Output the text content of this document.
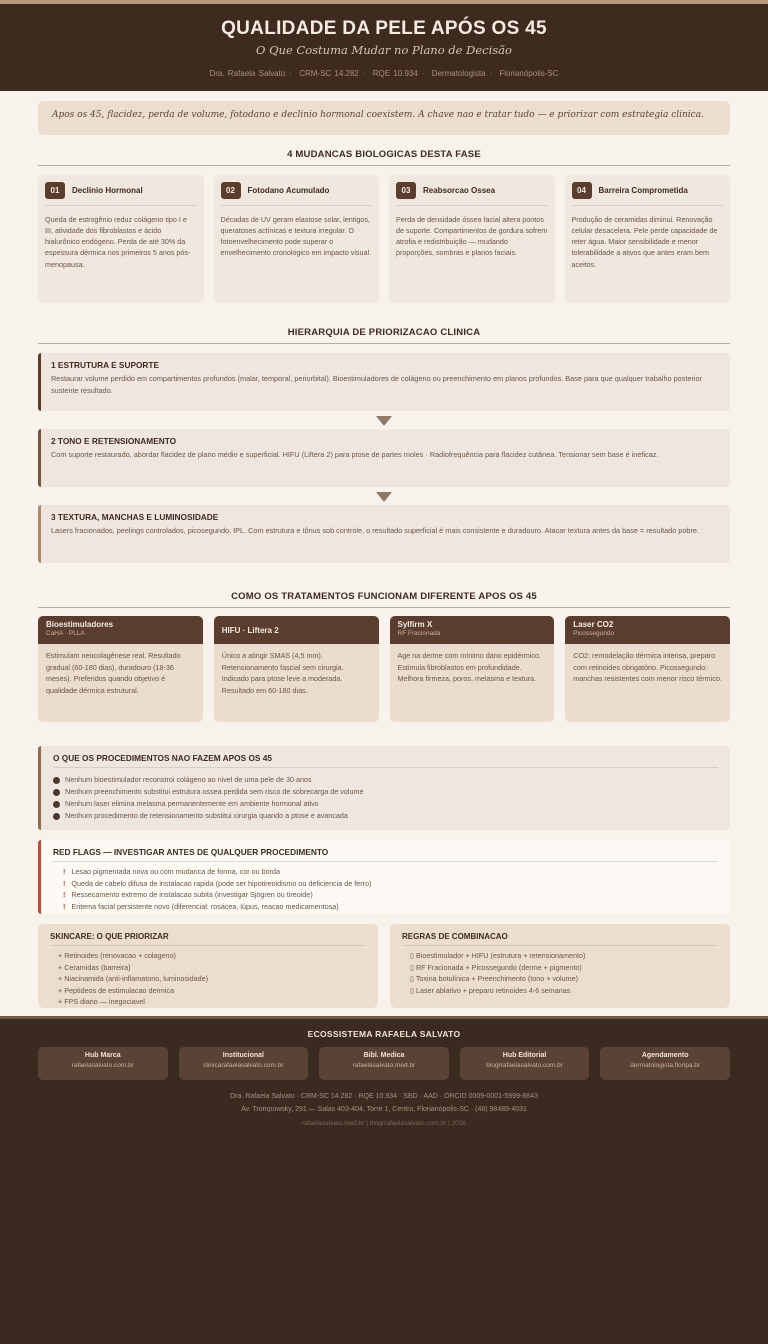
QUALIDADE DA PELE APÓS OS 45
O Que Costuma Mudar no Plano de Decisão
Dra. Rafaela Salvato · CRM-SC 14.282 · RQE 10.934 · Dermatologista · Florianópolis-SC

Apos os 45, flacidez, perda de volume, fotodano e declinio hormonal coexistem. A chave nao e tratar tudo — e priorizar com estrategia clinica.

4 MUDANCAS BIOLOGICAS DESTA FASE
01	Declínio Hormonal
Queda de estrogênio reduz colágeno tipo I e III, atividade dos fibroblastos e ácido hialurônico endógeno. Perda de até 30% da espessura dérmica nos primeiros 5 anos pós-menopausa.
02	Fotodano Acumulado
Décadas de UV geram elastose solar, lentigos, queratoses actínicas e textura irregular. O fotoenvelhecimento pode superar o envelhecimento cronológico em impacto visual.
03	Reabsorcao Ossea
Perda de densidade óssea facial altera pontos de suporte. Compartimentos de gordura sofrem atrofia e redistribuição — mudando proporções, sombras e planos faciais.
04	Barreira Comprometida
Produção de ceramidas diminui. Renovação celular desacelera. Pele perde capacidade de reter água. Maior sensibilidade e menor tolerabilidade a ativos que antes eram bem aceitos.
HIERARQUIA DE PRIORIZACAO CLINICA
1 ESTRUTURA E SUPORTE
Restaurar volume perdido em compartimentos profundos (malar, temporal, periorbital). Bioestimuladores de colágeno ou preenchimento em planos profundos. Base para que qualquer trabalho posterior sustente resultado.
2 TONO E RETENSIONAMENTO
Com suporte restaurado, abordar flacidez de plano médio e superficial. HIFU (Liftera 2) para ptose de partes moles · Radiofrequência para flacidez cutânea. Tensionar sem base é ineficaz.
3 TEXTURA, MANCHAS E LUMINOSIDADE
Lasers fracionados, peelings controlados, picosegundo, IPL. Com estrutura e tônus sob controle, o resultado superficial é mais consistente e duradouro. Atacar textura antes da base = resultado pobre.
COMO OS TRATAMENTOS FUNCIONAM DIFERENTE APOS OS 45
Bioestimuladores
CaHA · PLLA
Estimulam neocolagênese real. Resultado gradual (60-180 dias), duradouro (18-36 meses). Preferidos quando objetivo é qualidade dérmica estrutural.
HIFU · Liftera 2
Único a atingir SMAS (4,5 mm). Retensionamento fascial sem cirurgia. Indicado para ptose leve a moderada. Resultado em 60-180 dias.
Sylfirm X
RF Fracionada
Age na derme com mínimo dano epidérmico. Estimula fibroblastos em profundidade. Melhora firmeza, poros, melasma e textura.
Laser CO2
Picossegundo
CO2: remodelação dérmica intensa, preparo com retinoides obrigatório. Picossegundo: manchas resistentes com menor risco térmico.
O QUE OS PROCEDIMENTOS NAO FAZEM APOS OS 45
Nenhum bioestimulador reconstroi colágeno ao nivel de uma pele de 30 anos
Nenhum preenchimento substitui estrutura ossea perdida sem risco de sobrecarga de volume
Nenhum laser elimina melasma permanentemente em ambiente hormonal ativo
Nenhum procedimento de retensionamento substitui cirurgia quando a ptose e avancada
RED FLAGS — INVESTIGAR ANTES DE QUALQUER PROCEDIMENTO
! Lesao pigmentada nova ou com mudanca de forma, cor ou borda
! Queda de cabelo difusa de instalacao rapida (pode ser hipotireoidismo ou deficiencia de ferro)
! Ressecamento extremo de instalacao subita (investigar Sjögren ou tireoide)
! Eritema facial persistente novo (diferencial: rosácea, lúpus, reacao medicamentosa)
SKINCARE: O QUE PRIORIZAR
+ Retinoides (renovacao + colageno)
+ Ceramidas (barreira)
+ Niacinamida (anti-inflamatorio, luminosidade)
+ Peptideos de estimulacao dermica
+ FPS diario — inegociavel
REGRAS DE COMBINACAO
▯ Bioestimulador + HIFU (estrutura + retensionamento)
▯ RF Fracionada + Picossegundo (derme + pigmento)
▯ Toxina botulínica + Preenchimento (tono + volume)
▯ Laser ablativo + preparo retinoides 4-6 semanas
ECOSSISTEMA RAFAELA SALVATO
Hub Marca
rafaelasalvato.com.br
Institucional
clinicarafaelasalvato.com.br
Bibl. Medica
rafaelasalvato.med.br
Hub Editorial
blogrrafaelasalvato.com.br
Agendamento
dermatologista.floripa.br
Dra. Rafaela Salvato · CRM-SC 14.282 · RQE 10.934 · SBD · AAD · ORCID 0009-0001-5999-8843
Av. Trompowsky, 291 — Salas 403-404, Torre 1, Centro, Florianópolis-SC · (48) 98489-4031
rafaelasalvato.med.br | blogrrafaelasalvato.com.br | 2026
